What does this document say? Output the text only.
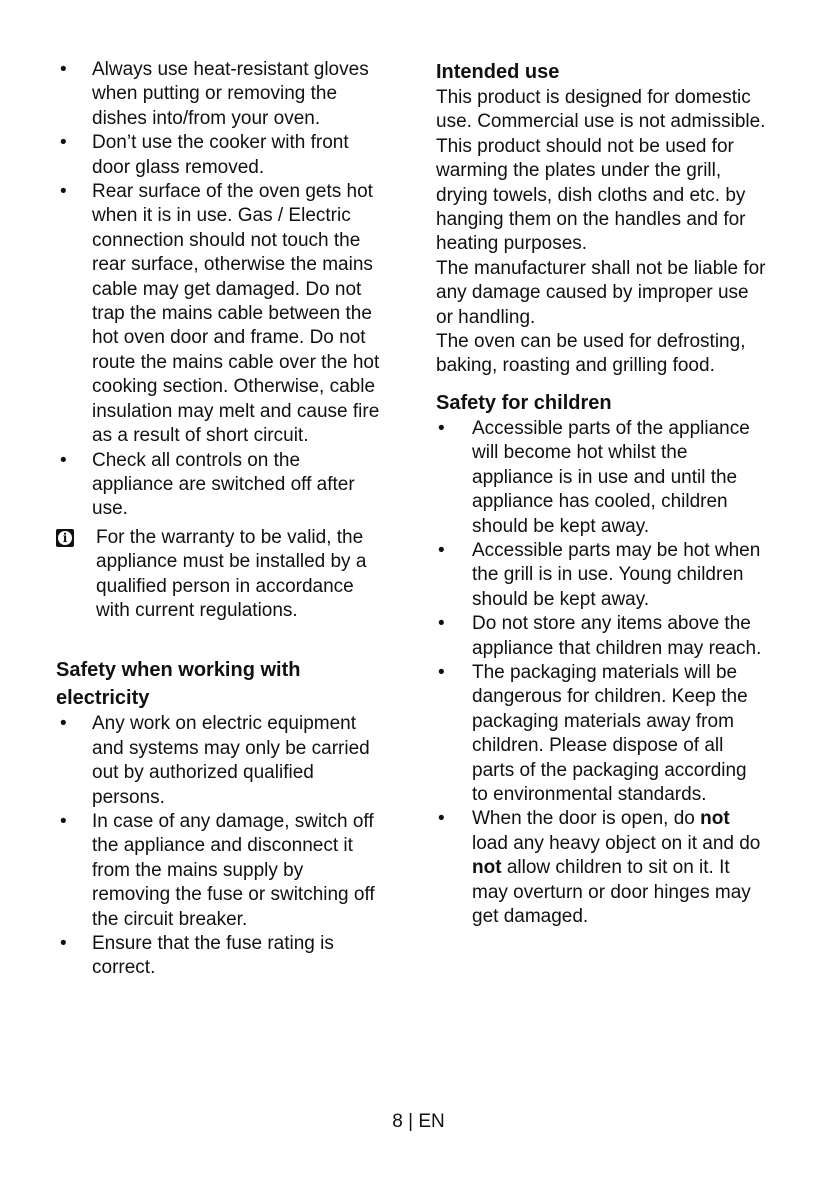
• Always use heat-resistant gloves
when putting or removing the
dishes into/from your oven.
• Don’t use the cooker with front
door glass removed.
• Rear surface of the oven gets hot
when it is in use. Gas / Electric
connection should not touch the
rear surface, otherwise the mains
cable may get damaged. Do not
trap the mains cable between the
hot oven door and frame. Do not
route the mains cable over the hot
cooking section. Otherwise, cable
insulation may melt and cause fire
as a result of short circuit.
• Check all controls on the
appliance are switched off after
use.
i For the warranty to be valid, the
appliance must be installed by a
qualified person in accordance
with current regulations.
Safety when working with
electricity
• Any work on electric equipment
and systems may only be carried
out by authorized qualified
persons.
• In case of any damage, switch off
the appliance and disconnect it
from the mains supply by
removing the fuse or switching off
the circuit breaker.
• Ensure that the fuse rating is
correct.
Intended use
This product is designed for domestic
use. Commercial use is not admissible.
This product should not be used for
warming the plates under the grill,
drying towels, dish cloths and etc. by
hanging them on the handles and for
heating purposes.
The manufacturer shall not be liable for
any damage caused by improper use
or handling.
The oven can be used for defrosting,
baking, roasting and grilling food.
Safety for children
• Accessible parts of the appliance
will become hot whilst the
appliance is in use and until the
appliance has cooled, children
should be kept away.
• Accessible parts may be hot when
the grill is in use. Young children
should be kept away.
• Do not store any items above the
appliance that children may reach.
• The packaging materials will be
dangerous for children. Keep the
packaging materials away from
children. Please dispose of all
parts of the packaging according
to environmental standards.
• When the door is open, do not
load any heavy object on it and do
not allow children to sit on it. It
may overturn or door hinges may
get damaged.
8 | EN
